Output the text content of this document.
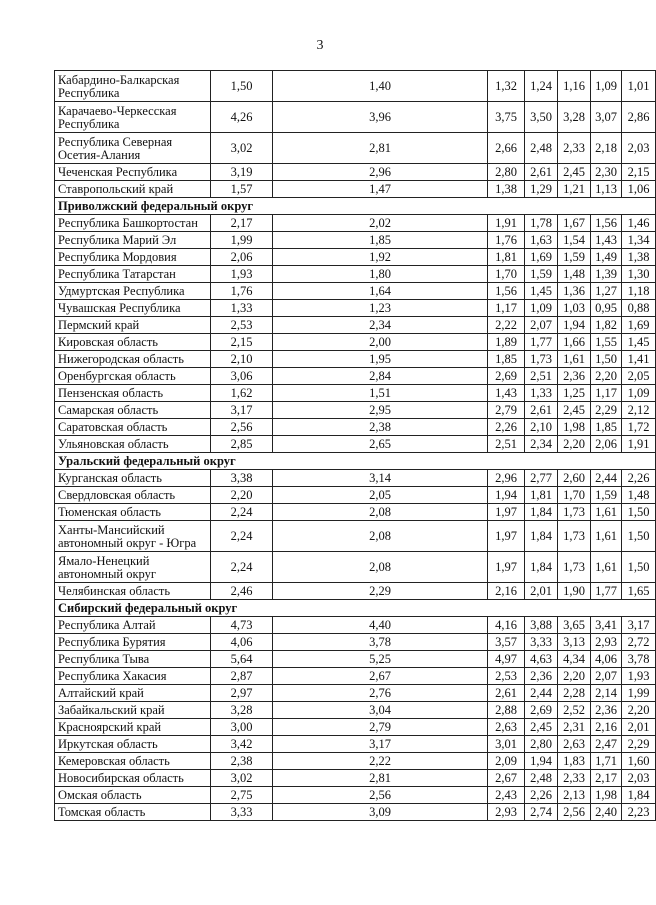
3
Кабардино-Балкарская Республика	1,50	1,40	1,32	1,24	1,16	1,09	1,01
Карачаево-Черкесская Республика	4,26	3,96	3,75	3,50	3,28	3,07	2,86
Республика Северная Осетия-Алания	3,02	2,81	2,66	2,48	2,33	2,18	2,03
Чеченская Республика	3,19	2,96	2,80	2,61	2,45	2,30	2,15
Ставропольский край	1,57	1,47	1,38	1,29	1,21	1,13	1,06
Приволжский федеральный округ							
Республика Башкортостан	2,17	2,02	1,91	1,78	1,67	1,56	1,46
Республика Марий Эл	1,99	1,85	1,76	1,63	1,54	1,43	1,34
Республика Мордовия	2,06	1,92	1,81	1,69	1,59	1,49	1,38
Республика Татарстан	1,93	1,80	1,70	1,59	1,48	1,39	1,30
Удмуртская Республика	1,76	1,64	1,56	1,45	1,36	1,27	1,18
Чувашская Республика	1,33	1,23	1,17	1,09	1,03	0,95	0,88
Пермский край	2,53	2,34	2,22	2,07	1,94	1,82	1,69
Кировская область	2,15	2,00	1,89	1,77	1,66	1,55	1,45
Нижегородская область	2,10	1,95	1,85	1,73	1,61	1,50	1,41
Оренбургская область	3,06	2,84	2,69	2,51	2,36	2,20	2,05
Пензенская область	1,62	1,51	1,43	1,33	1,25	1,17	1,09
Самарская область	3,17	2,95	2,79	2,61	2,45	2,29	2,12
Саратовская область	2,56	2,38	2,26	2,10	1,98	1,85	1,72
Ульяновская область	2,85	2,65	2,51	2,34	2,20	2,06	1,91
Уральский федеральный округ							
Курганская область	3,38	3,14	2,96	2,77	2,60	2,44	2,26
Свердловская область	2,20	2,05	1,94	1,81	1,70	1,59	1,48
Тюменская область	2,24	2,08	1,97	1,84	1,73	1,61	1,50
Ханты-Мансийский автономный округ - Югра	2,24	2,08	1,97	1,84	1,73	1,61	1,50
Ямало-Ненецкий автономный округ	2,24	2,08	1,97	1,84	1,73	1,61	1,50
Челябинская область	2,46	2,29	2,16	2,01	1,90	1,77	1,65
Сибирский федеральный округ							
Республика Алтай	4,73	4,40	4,16	3,88	3,65	3,41	3,17
Республика Бурятия	4,06	3,78	3,57	3,33	3,13	2,93	2,72
Республика Тыва	5,64	5,25	4,97	4,63	4,34	4,06	3,78
Республика Хакасия	2,87	2,67	2,53	2,36	2,20	2,07	1,93
Алтайский край	2,97	2,76	2,61	2,44	2,28	2,14	1,99
Забайкальский край	3,28	3,04	2,88	2,69	2,52	2,36	2,20
Красноярский край	3,00	2,79	2,63	2,45	2,31	2,16	2,01
Иркутская область	3,42	3,17	3,01	2,80	2,63	2,47	2,29
Кемеровская область	2,38	2,22	2,09	1,94	1,83	1,71	1,60
Новосибирская область	3,02	2,81	2,67	2,48	2,33	2,17	2,03
Омская область	2,75	2,56	2,43	2,26	2,13	1,98	1,84
Томская область	3,33	3,09	2,93	2,74	2,56	2,40	2,23
